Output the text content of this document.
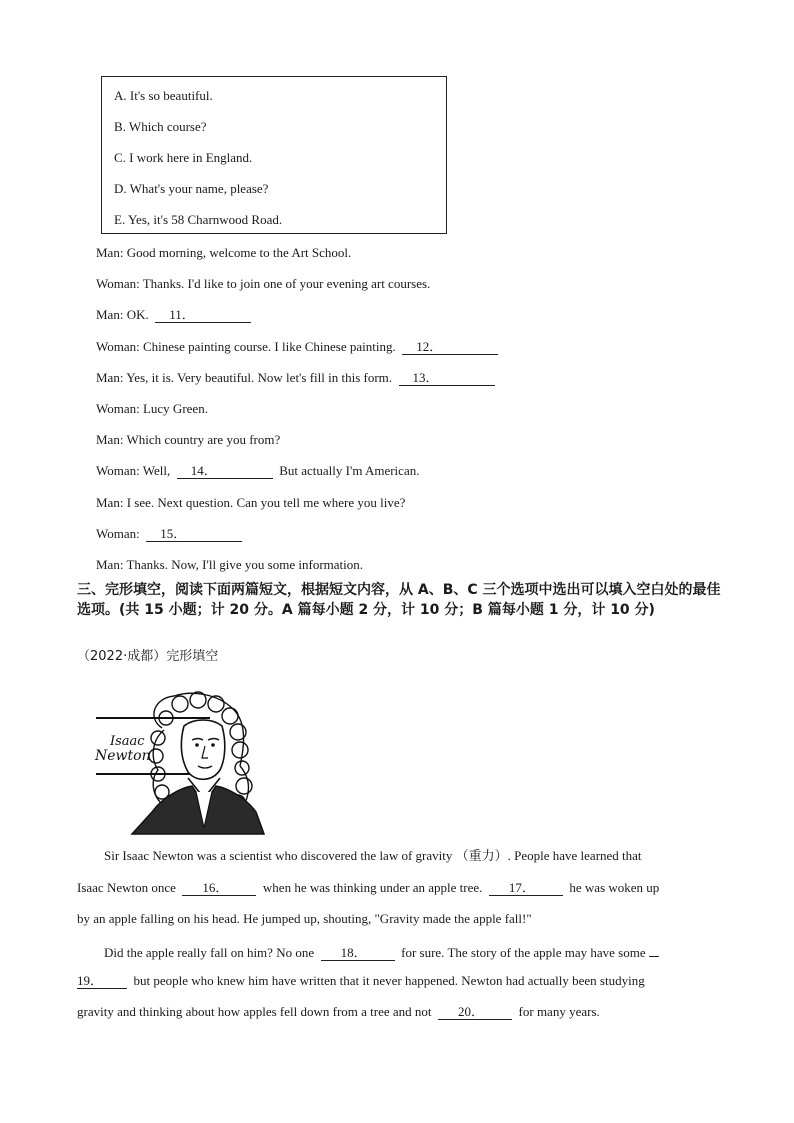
A. It's so beautiful.
B. Which course?
C. I work here in England.
D. What's your name, please?
E. Yes, it's 58 Charnwood Road.
Man: Good morning, welcome to the Art School.
Woman: Thanks. I'd like to join one of your evening art courses.
Man: OK. 11．
Woman: Chinese painting course. I like Chinese painting. 12．
Man: Yes, it is. Very beautiful. Now let's fill in this form. 13．
Woman: Lucy Green.
Man: Which country are you from?
Woman: Well, 14．	But actually I'm American.
Man: I see. Next question. Can you tell me where you live?
Woman: 15．
Man: Thanks. Now, I'll give you some information.
三、完形填空，阅读下面两篇短文，根据短文内容，从 A、B、C 三个选项中选出可以填入空白处的最佳选项。(共 15 小题；计 20 分。A 篇每小题 2 分，计 10 分；B 篇每小题 1 分，计 10 分)
（2022·成都）完形填空
Isaac
Newton
Sir Isaac Newton was a scientist who discovered the law of gravity （重力）. People have learned that
Isaac Newton once 16．	when he was thinking under an apple tree. 17．	he was woken up
by an apple falling on his head. He jumped up, shouting, "Gravity made the apple fall!"
Did the apple really fall on him? No one 18．	for sure. The story of the apple may have some
19． but people who knew him have written that it never happened. Newton had actually been studying
gravity and thinking about how apples fell down from a tree and not 20．	for many years.
